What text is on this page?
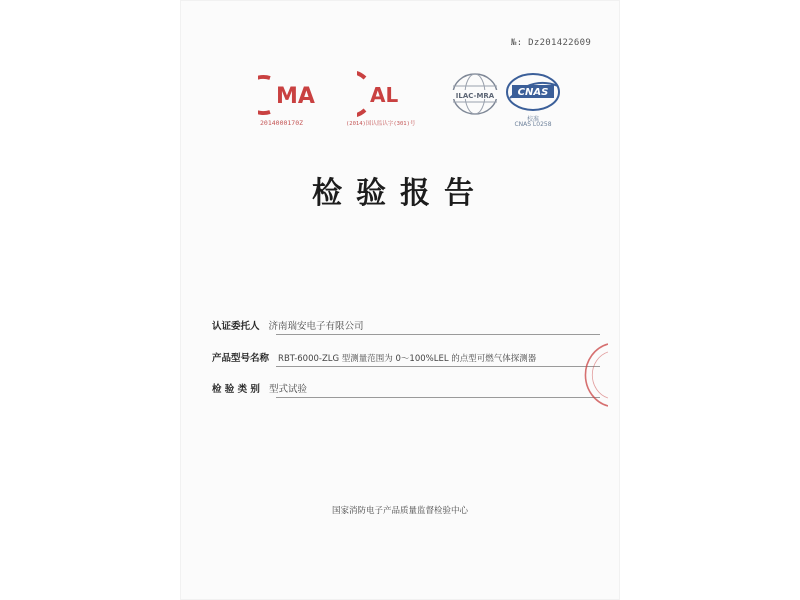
№: Dz201422609
MA
2014000170Z
AL
(2014)国认监认字(301)号
ILAC-MRA CNAS
校准
CNAS L0258
检验报告
认证委托人 济南瑞安电子有限公司
产品型号名称 RBT-6000-ZLG 型测量范围为 0～100%LEL 的点型可燃气体探测器
检 验 类 别 型式试验
国家消防电子产品质量监督检验中心
